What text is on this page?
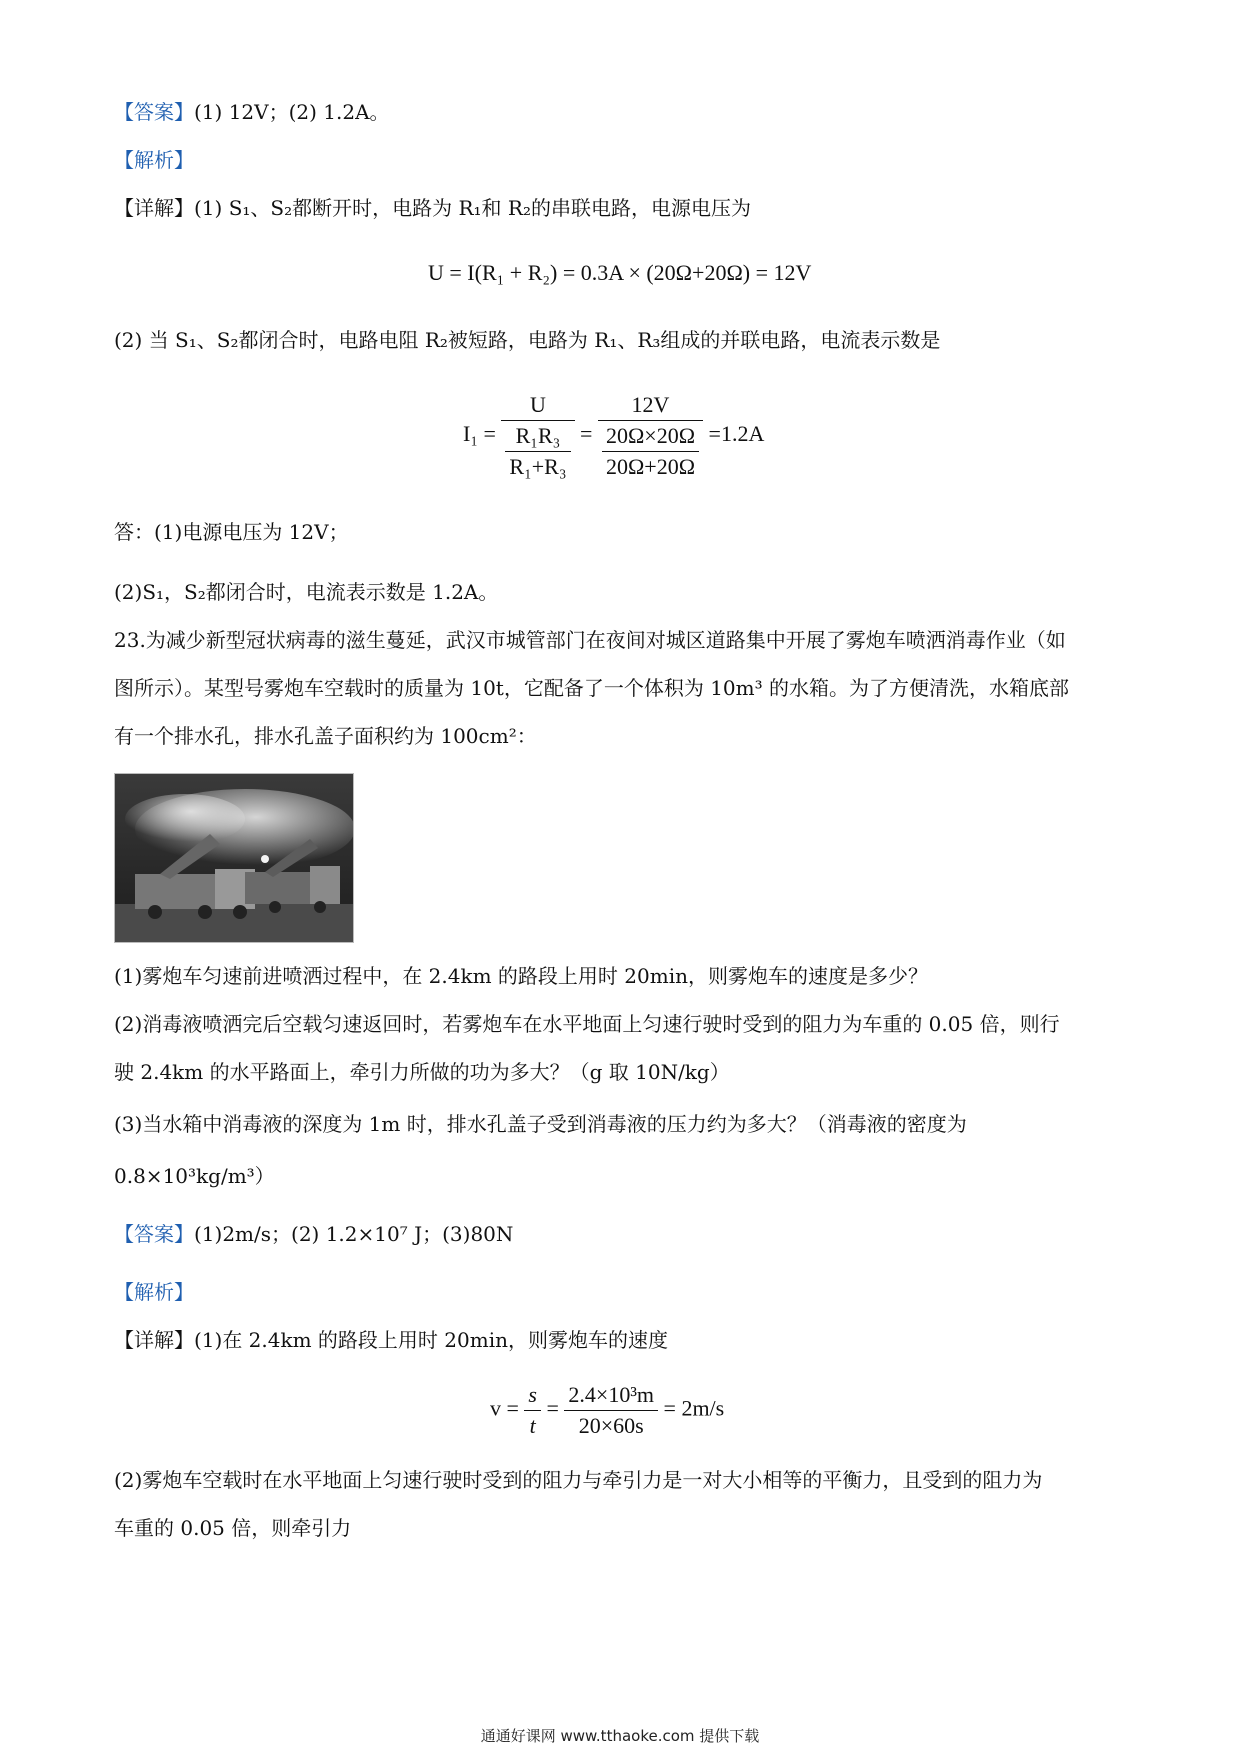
【答案】(1) 12V；(2) 1.2A。
【解析】
【详解】(1) S₁、S₂都断开时，电路为 R₁和 R₂的串联电路，电源电压为
U = I(R₁ + R₂) = 0.3A × (20Ω+20Ω) = 12V
(2) 当 S₁、S₂都闭合时，电路电阻 R₂被短路，电路为 R₁、R₃组成的并联电路，电流表示数是
$I_1 = \frac{U}{\frac{\text{R₁R₃}}{\text{R₁+R₃}}} = \frac{12V}{\frac{20\Omega\times 20\Omega}{20\Omega+20\Omega}} =1.2A$
答：(1)电源电压为 12V；
(2)S₁，S₂都闭合时，电流表示数是 1.2A。
23.为减少新型冠状病毒的滋生蔓延，武汉市城管部门在夜间对城区道路集中开展了雾炮车喷洒消毒作业（如
图所示）。某型号雾炮车空载时的质量为 10t，它配备了一个体积为 10m³ 的水箱。为了方便清洗，水箱底部
有一个排水孔，排水孔盖子面积约为 100cm²：
(1)雾炮车匀速前进喷洒过程中，在 2.4km 的路段上用时 20min，则雾炮车的速度是多少？
(2)消毒液喷洒完后空载匀速返回时，若雾炮车在水平地面上匀速行驶时受到的阻力为车重的 0.05 倍，则行
驶 2.4km 的水平路面上，牵引力所做的功为多大？（g 取 10N/kg）
(3)当水箱中消毒液的深度为 1m 时，排水孔盖子受到消毒液的压力约为多大？（消毒液的密度为
0.8×10³kg/m³）
【答案】(1)2m/s；(2) 1.2×10⁷ J；(3)80N
【解析】
【详解】(1)在 2.4km 的路段上用时 20min，则雾炮车的速度
$v = \frac{s}{t} = \frac{\text{2.4×10³m}}{20\times 60s} = 2m/s$
(2)雾炮车空载时在水平地面上匀速行驶时受到的阻力与牵引力是一对大小相等的平衡力，且受到的阻力为
车重的 0.05 倍，则牵引力
通通好课网 www.tthaoke.com 提供下载
